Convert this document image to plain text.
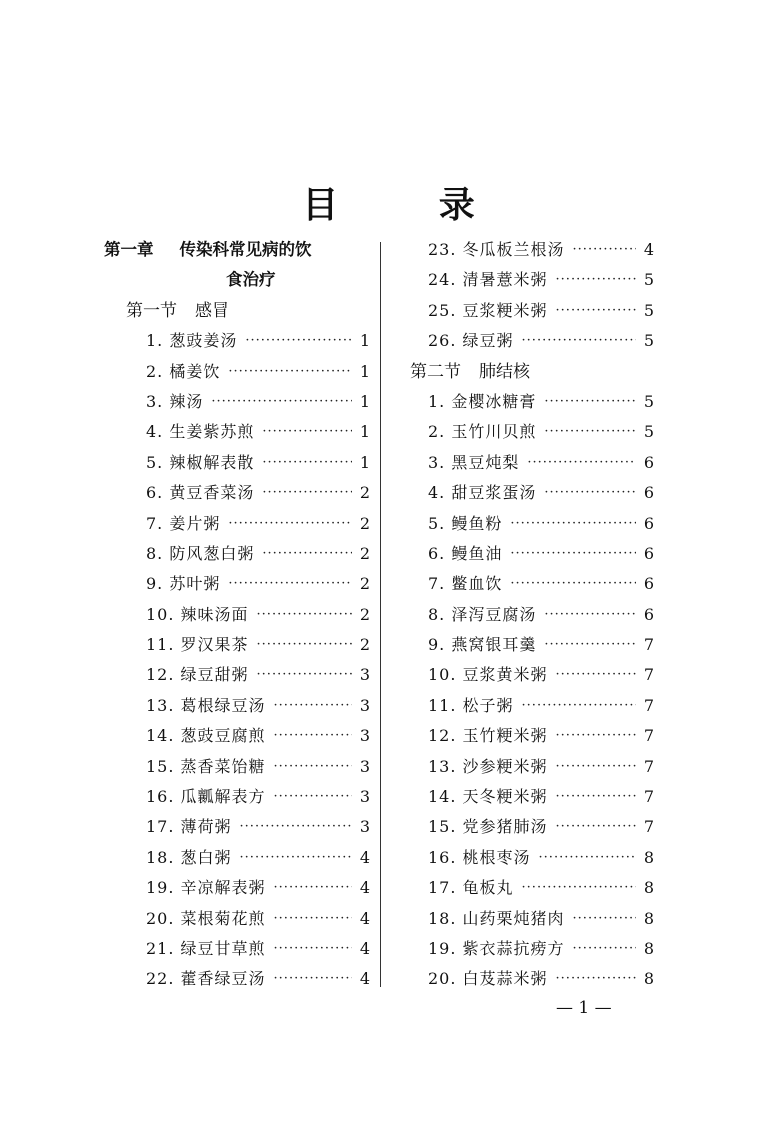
目 录
第一章 传染科常见病的饮
食治疗
第一节 感冒
1. 葱豉姜汤 ·····	1
2. 橘姜饮 ·····	1
3. 辣汤 ·····	1
4. 生姜紫苏煎 ·····	1
5. 辣椒解表散 ·····	1
6. 黄豆香菜汤 ·····	2
7. 姜片粥 ·····	2
8. 防风葱白粥 ·····	2
9. 苏叶粥 ·····	2
10. 辣味汤面 ·····	2
11. 罗汉果茶 ·····	2
12. 绿豆甜粥 ·····	3
13. 葛根绿豆汤 ·····	3
14. 葱豉豆腐煎 ·····	3
15. 蒸香菜饴糖 ·····	3
16. 瓜瓤解表方 ·····	3
17. 薄荷粥 ·····	3
18. 葱白粥 ·····	4
19. 辛凉解表粥 ·····	4
20. 菜根菊花煎 ·····	4
21. 绿豆甘草煎 ·····	4
22. 藿香绿豆汤 ·····	4
23. 冬瓜板兰根汤 ·····	4
24. 清暑薏米粥 ·····	5
25. 豆浆粳米粥 ·····	5
26. 绿豆粥 ·····	5
第二节 肺结核
1. 金樱冰糖膏 ·····	5
2. 玉竹川贝煎 ·····	5
3. 黑豆炖梨 ·····	6
4. 甜豆浆蛋汤 ·····	6
5. 鳗鱼粉 ·····	6
6. 鳗鱼油 ·····	6
7. 鳖血饮 ·····	6
8. 泽泻豆腐汤 ·····	6
9. 燕窝银耳羹 ·····	7
10. 豆浆黄米粥 ·····	7
11. 松子粥 ·····	7
12. 玉竹粳米粥 ·····	7
13. 沙参粳米粥 ·····	7
14. 天冬粳米粥 ·····	7
15. 党参猪肺汤 ·····	7
16. 桃根枣汤 ·····	8
17. 龟板丸 ·····	8
18. 山药栗炖猪肉 ·····	8
19. 紫衣蒜抗痨方 ·····	8
20. 白芨蒜米粥 ·····	8
— 1 —
